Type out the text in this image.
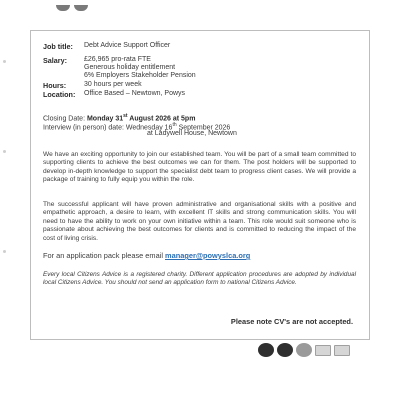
Job title: Debt Advice Support Officer
Salary: £26,965 pro-rata FTE
Generous holiday entitlement
6% Employers Stakeholder Pension
Hours:	30 hours per week
Location: Office Based – Newtown, Powys
Closing Date: Monday 31st August 2026 at 5pm
Interview (in person) date: Wednesday 16th September 2026
at Ladywell House, Newtown
We have an exciting opportunity to join our established team. You will be part of a small team committed to supporting clients to achieve the best outcomes we can for them. The post holders will be supported to develop in-depth knowledge to support the specialist debt team to progress client cases. We will provide a package of training to fully equip you within the role.
The successful applicant will have proven administrative and organisational skills with a positive and empathetic approach, a desire to learn, with excellent IT skills and strong communication skills. You will need to have the ability to work on your own initiative within a team. This role would suit someone who is passionate about achieving the best outcomes for clients and is committed to reducing the impact of the cost of living crisis.
For an application pack please email manager@powyslca.org
Every local Citizens Advice is a registered charity. Different application procedures are adopted by individual local Citizens Advice. You should not send an application form to national Citizens Advice.
Please note CV's are not accepted.
